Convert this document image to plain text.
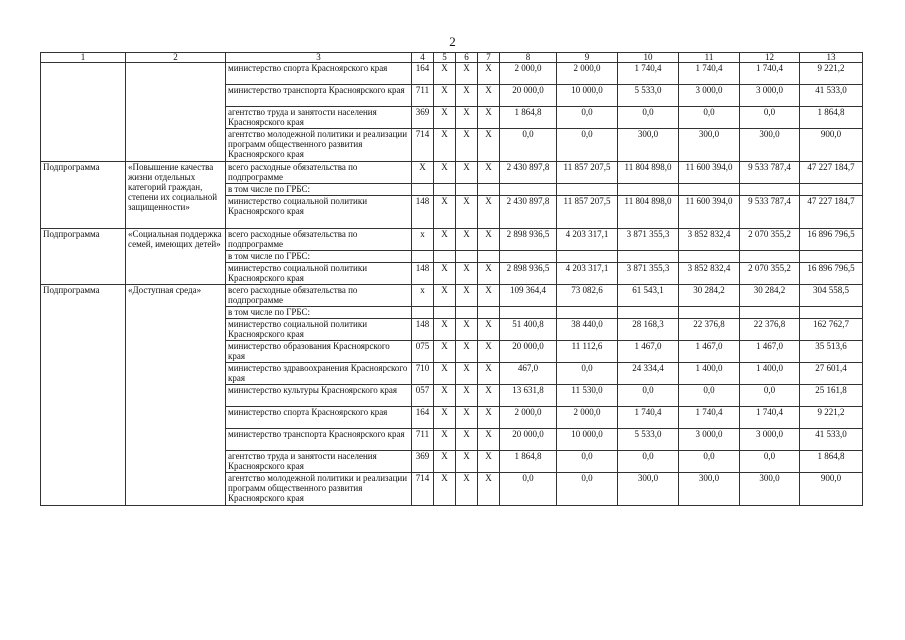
2
1	2	3	4	5	6	7	8	9	10	11	12	13
		министерство спорта Красноярского края	164	X	X	X	2 000,0	2 000,0	1 740,4	1 740,4	1 740,4	9 221,2
		министерство транспорта Красноярского края	711	X	X	X	20 000,0	10 000,0	5 533,0	3 000,0	3 000,0	41 533,0
		агентство труда и занятости населения Красноярского края	369	X	X	X	1 864,8	0,0	0,0	0,0	0,0	1 864,8
		агентство молодежной политики и реализации программ общественного развития Красноярского края	714	X	X	X	0,0	0,0	300,0	300,0	300,0	900,0
Подпрограмма	«Повышение качества жизни отдельных категорий граждан, степени их социальной защищенности»	всего расходные обязательства по подпрограмме	X	X	X	X	2 430 897,8	11 857 207,5	11 804 898,0	11 600 394,0	9 533 787,4	47 227 184,7
		в том числе по ГРБС:										
		министерство социальной политики Красноярского края	148	X	X	X	2 430 897,8	11 857 207,5	11 804 898,0	11 600 394,0	9 533 787,4	47 227 184,7
Подпрограмма	«Социальная поддержка семей, имеющих детей»	всего расходные обязательства по подпрограмме	x	X	X	X	2 898 936,5	4 203 317,1	3 871 355,3	3 852 832,4	2 070 355,2	16 896 796,5
		в том числе по ГРБС:										
		министерство социальной политики Красноярского края	148	X	X	X	2 898 936,5	4 203 317,1	3 871 355,3	3 852 832,4	2 070 355,2	16 896 796,5
Подпрограмма	«Доступная среда»	всего расходные обязательства по подпрограмме	x	X	X	X	109 364,4	73 082,6	61 543,1	30 284,2	30 284,2	304 558,5
		в том числе по ГРБС:										
		министерство социальной политики Красноярского края	148	X	X	X	51 400,8	38 440,0	28 168,3	22 376,8	22 376,8	162 762,7
		министерство образования Красноярского края	075	X	X	X	20 000,0	11 112,6	1 467,0	1 467,0	1 467,0	35 513,6
		министерство здравоохранения Красноярского края	710	X	X	X	467,0	0,0	24 334,4	1 400,0	1 400,0	27 601,4
		министерство культуры Красноярского края	057	X	X	X	13 631,8	11 530,0	0,0	0,0	0,0	25 161,8
		министерство спорта Красноярского края	164	X	X	X	2 000,0	2 000,0	1 740,4	1 740,4	1 740,4	9 221,2
		министерство транспорта Красноярского края	711	X	X	X	20 000,0	10 000,0	5 533,0	3 000,0	3 000,0	41 533,0
		агентство труда и занятости населения Красноярского края	369	X	X	X	1 864,8	0,0	0,0	0,0	0,0	1 864,8
		агентство молодежной политики и реализации программ общественного развития Красноярского края	714	X	X	X	0,0	0,0	300,0	300,0	300,0	900,0
